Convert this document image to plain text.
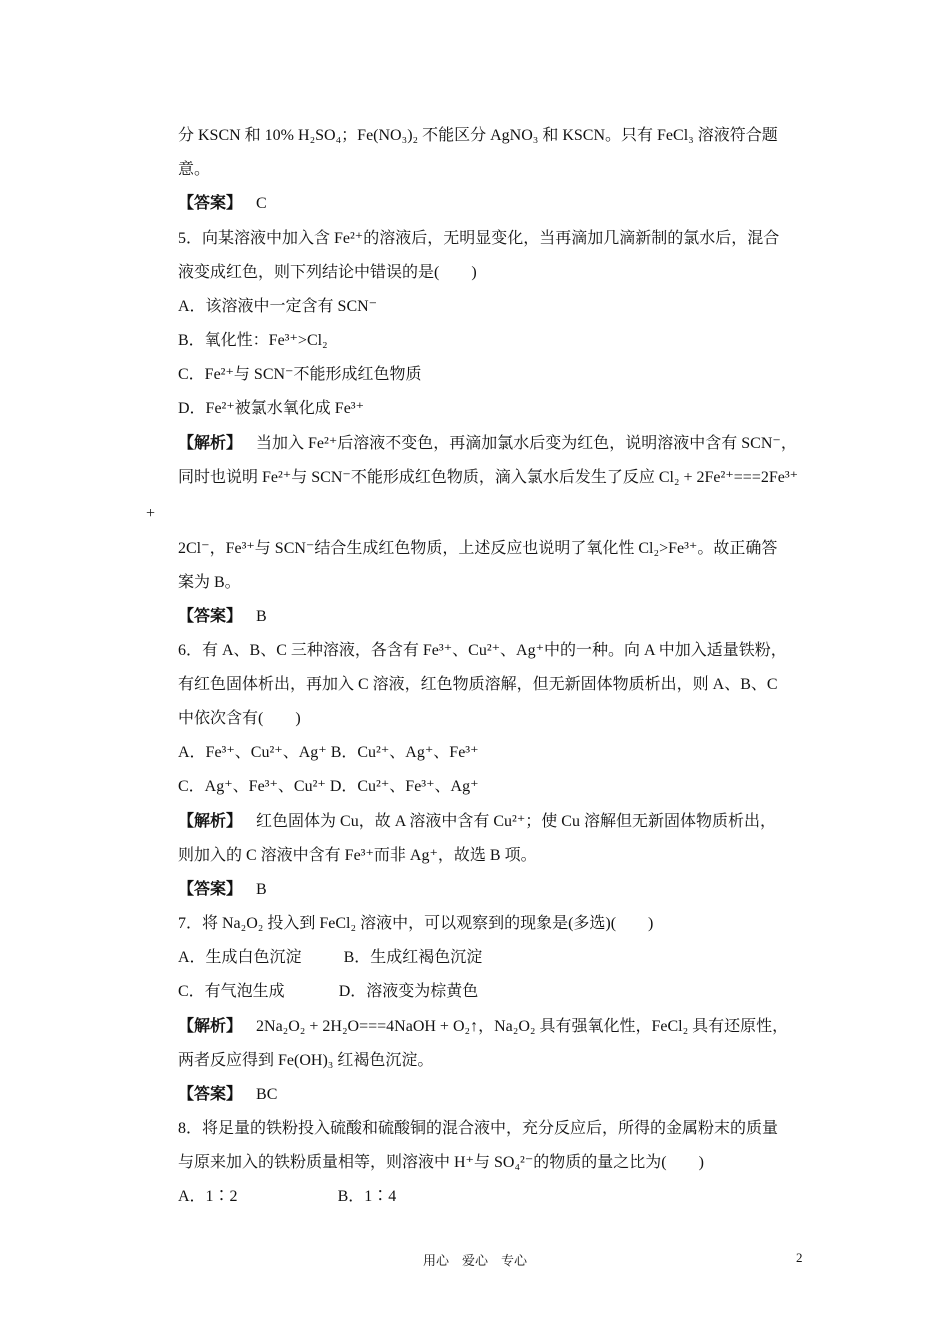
分 KSCN 和 10% H₂SO₄；Fe(NO₃)₂ 不能区分 AgNO₃ 和 KSCN。只有 FeCl₃ 溶液符合题
意。
【答案】 C
5．向某溶液中加入含 Fe²⁺的溶液后，无明显变化，当再滴加几滴新制的氯水后，混合
液变成红色，则下列结论中错误的是(　　)
A．该溶液中一定含有 SCN⁻
B．氧化性：Fe³⁺>Cl₂
C．Fe²⁺与 SCN⁻不能形成红色物质
D．Fe²⁺被氯水氧化成 Fe³⁺
【解析】 当加入 Fe²⁺后溶液不变色，再滴加氯水后变为红色，说明溶液中含有 SCN⁻，
同时也说明 Fe²⁺与 SCN⁻不能形成红色物质，滴入氯水后发生了反应 Cl₂ + 2Fe²⁺===2Fe³⁺
+
2Cl⁻，Fe³⁺与 SCN⁻结合生成红色物质，上述反应也说明了氧化性 Cl₂>Fe³⁺。故正确答
案为 B。
【答案】 B
6．有 A、B、C 三种溶液，各含有 Fe³⁺、Cu²⁺、Ag⁺中的一种。向 A 中加入适量铁粉，
有红色固体析出，再加入 C 溶液，红色物质溶解，但无新固体物质析出，则 A、B、C
中依次含有(　　)
A．Fe³⁺、Cu²⁺、Ag⁺ B．Cu²⁺、Ag⁺、Fe³⁺
C．Ag⁺、Fe³⁺、Cu²⁺ D．Cu²⁺、Fe³⁺、Ag⁺
【解析】 红色固体为 Cu，故 A 溶液中含有 Cu²⁺；使 Cu 溶解但无新固体物质析出，
则加入的 C 溶液中含有 Fe³⁺而非 Ag⁺，故选 B 项。
【答案】 B
7．将 Na₂O₂ 投入到 FeCl₂ 溶液中，可以观察到的现象是(多选)(　　)
A．生成白色沉淀	B．生成红褐色沉淀
C．有气泡生成	D．溶液变为棕黄色
【解析】 2Na₂O₂ + 2H₂O===4NaOH + O₂↑，Na₂O₂ 具有强氧化性，FeCl₂ 具有还原性，
两者反应得到 Fe(OH)₃ 红褐色沉淀。
【答案】 BC
8．将足量的铁粉投入硫酸和硫酸铜的混合液中，充分反应后，所得的金属粉末的质量
与原来加入的铁粉质量相等，则溶液中 H⁺与 SO₄²⁻的物质的量之比为(　　)
A．1∶2	B．1∶4
用心　爱心　专心	2
